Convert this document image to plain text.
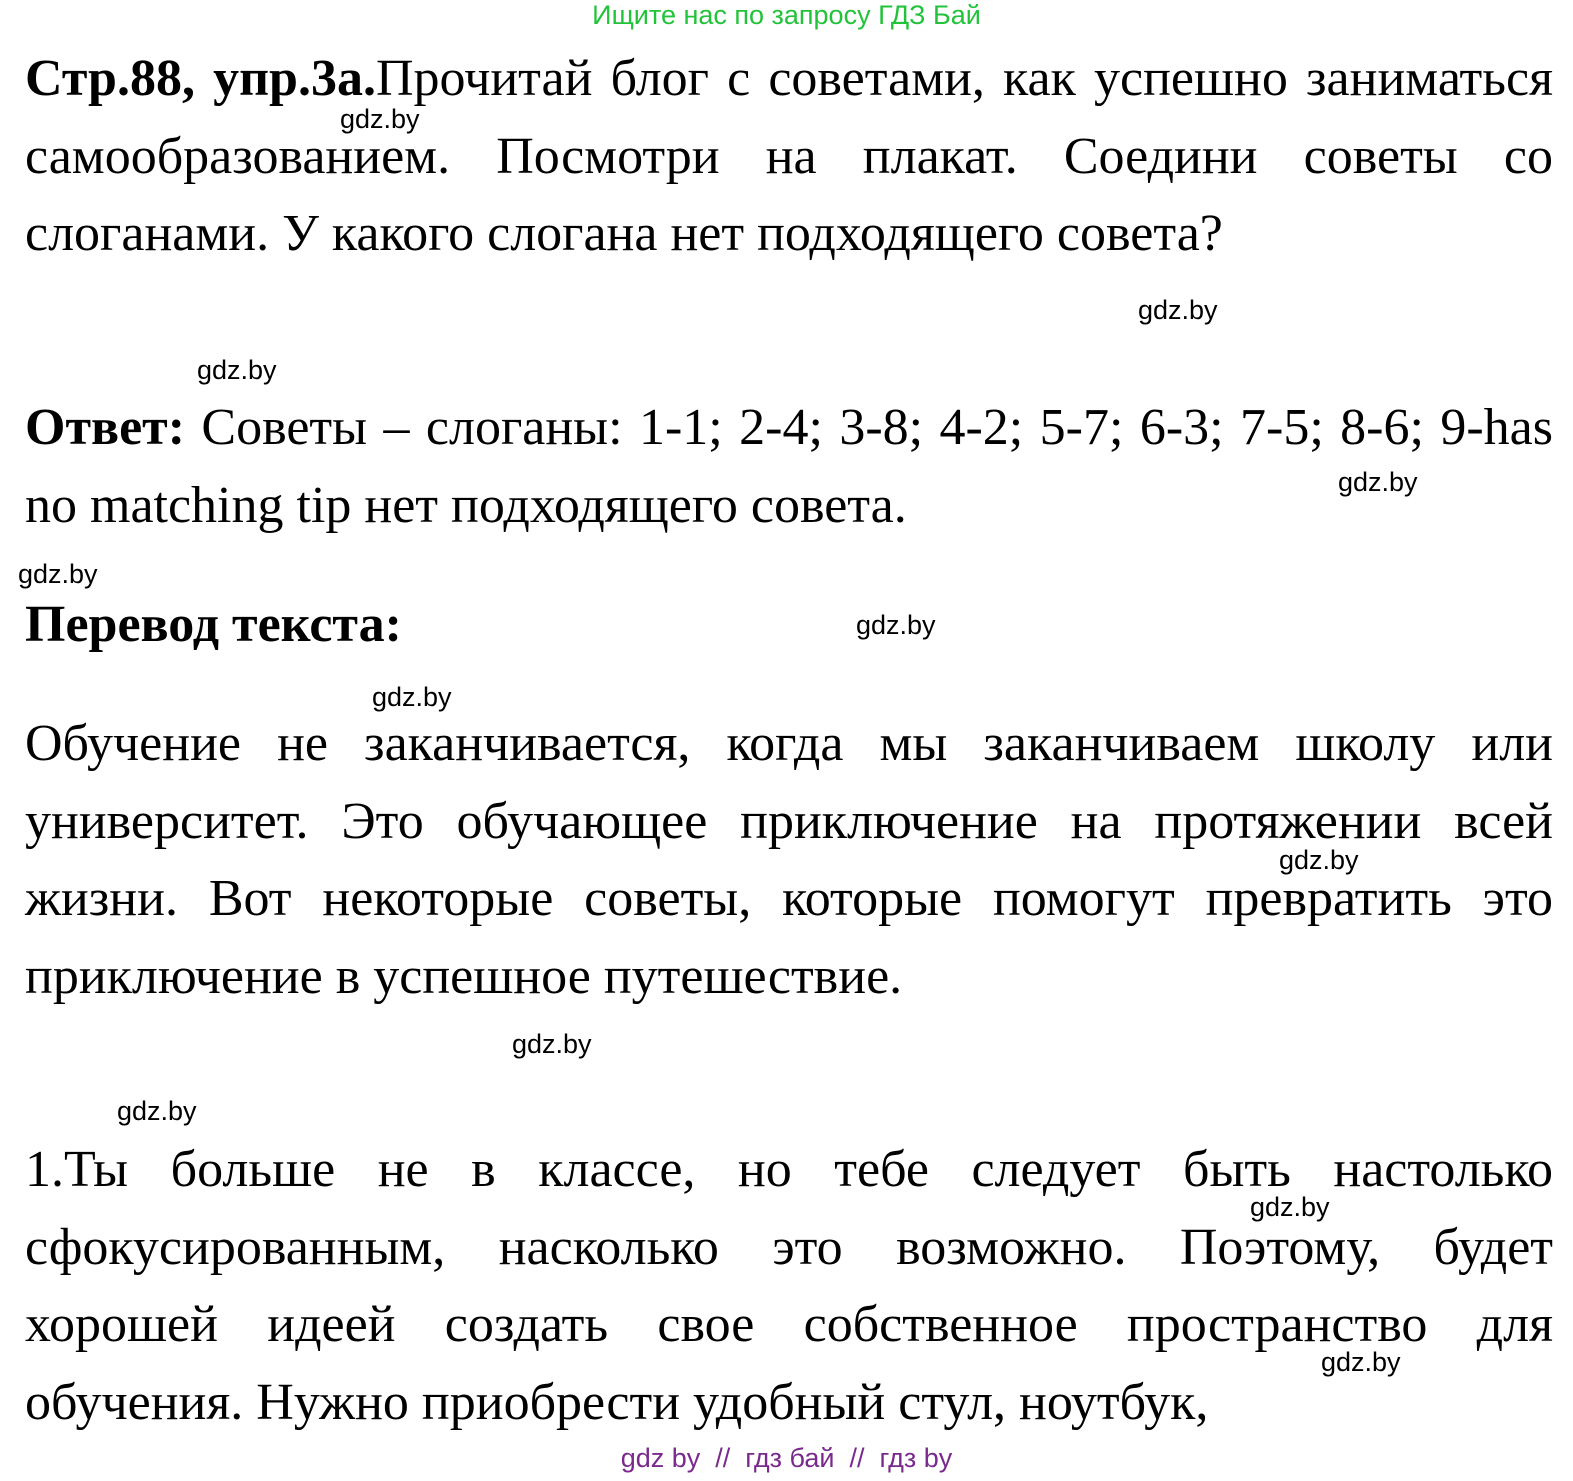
Ищите нас по запросу ГДЗ Бай
Стр.88, упр.3а.Прочитай блог с советами, как успешно заниматься самообразованием. Посмотри на плакат. Соедини советы со слоганами. У какого слогана нет подходящего совета?
Ответ: Советы – слоганы: 1-1; 2-4; 3-8; 4-2; 5-7; 6-3; 7-5; 8-6; 9-has no matching tip нет подходящего совета.
Перевод текста:
Обучение не заканчивается, когда мы заканчиваем школу или университет. Это обучающее приключение на протяжении всей жизни. Вот некоторые советы, которые помогут превратить это приключение в успешное путешествие.
1.Ты больше не в классе, но тебе следует быть настолько сфокусированным, насколько это возможно. Поэтому, будет хорошей идеей создать свое собственное пространство для обучения. Нужно приобрести удобный стул, ноутбук,
gdz.by
gdz.by
gdz.by
gdz.by
gdz.by
gdz.by
gdz.by
gdz.by
gdz.by
gdz.by
gdz.by
gdz.by
gdz by  //  гдз бай  //  гдз by
